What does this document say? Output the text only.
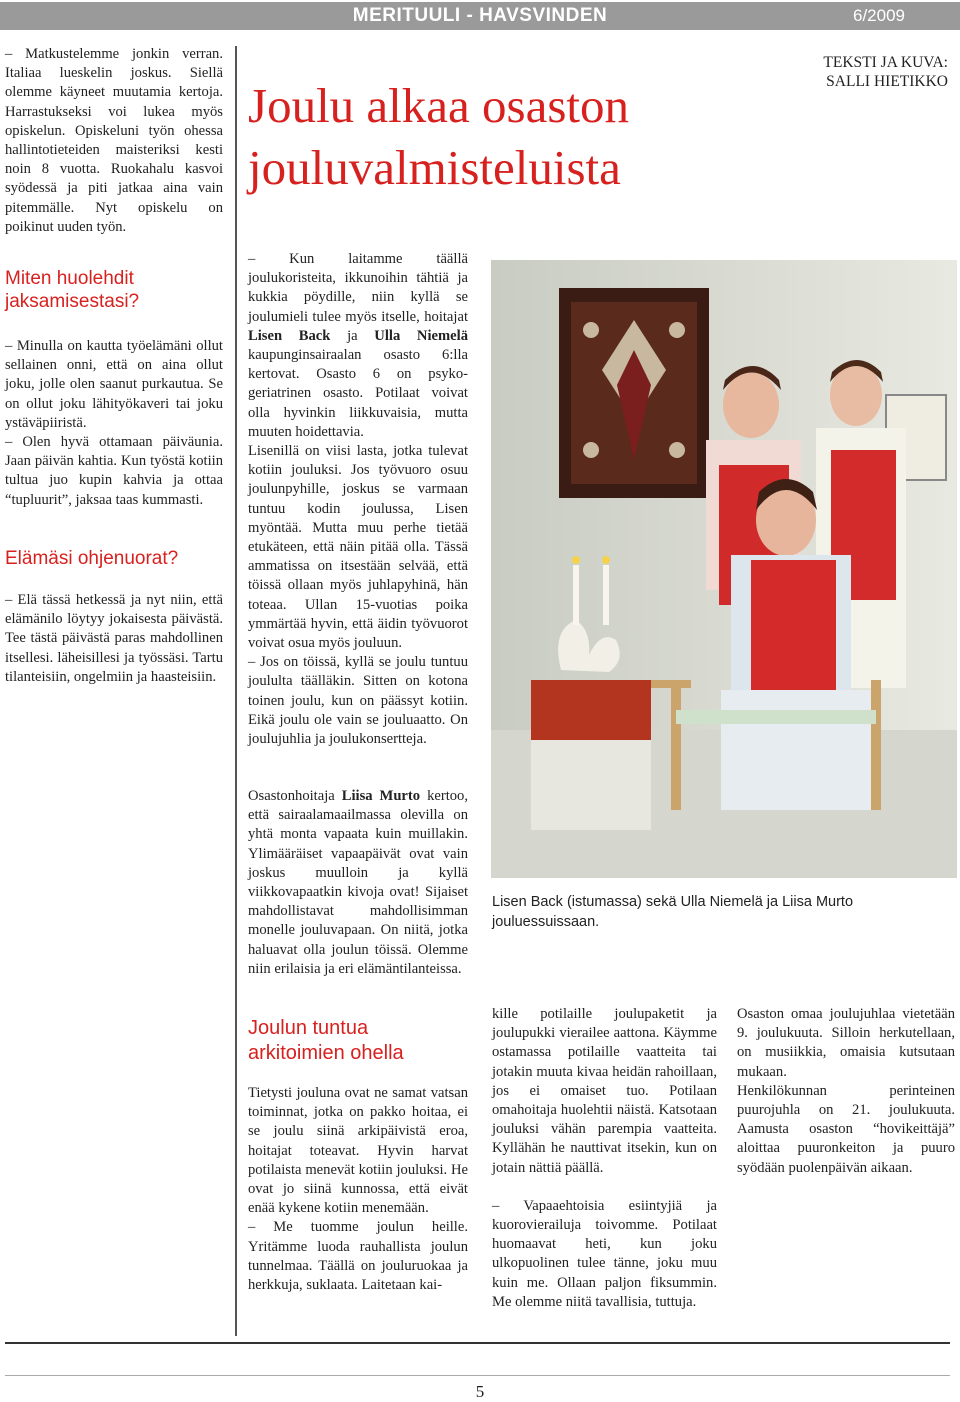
MERITUULI - HAVSVINDEN	6/2009

– Matkustelemme jonkin verran. Italiaa lueskelin joskus. Siellä olemme käyneet muutamia kertoja. Harrastukseksi voi lukea myös opiskelun. Opiskeluni työn ohessa hallintotieteiden maisteriksi kesti noin 8 vuotta. Ruokahalu kasvoi syödessä ja piti jatkaa aina vain pitemmälle. Nyt opiskelu on poikinut uuden työn.

Miten huolehdit jaksamisestasi?

– Minulla on kautta työelämäni ollut sellainen onni, että on aina ollut joku, jolle olen saanut purkautua. Se on ollut joku lähityökaveri tai joku ystäväpiiristä.

– Olen hyvä ottamaan päiväunia. Jaan päivän kahtia. Kun työstä kotiin tultua juo kupin kahvia ja ottaa “tupluurit”, jaksaa taas kummasti.

Elämäsi ohjenuorat?

– Elä tässä hetkessä ja nyt niin, että elämänilo löytyy jokaisesta päivästä. Tee tästä päivästä paras mahdollinen itsellesi. läheisillesi ja työssäsi. Tartu tilanteisiin, ongelmiin ja haasteisiin.

TEKSTI JA KUVA:
SALLI HIETIKKO
Joulu alkaa osaston
jouluvalmisteluista

– Kun laitamme täällä joulukoristeita, ikkunoihin tähtiä ja kukkia pöydille, niin kyllä se joulumieli tulee myös itselle, hoitajat Lisen Back ja Ulla Niemelä kaupunginsairaalan osasto 6:lla kertovat. Osasto 6 on psyko-geriatrinen osasto. Potilaat voivat olla hyvinkin liikkuvaisia, mutta muuten hoidettavia.

Lisenillä on viisi lasta, jotka tulevat kotiin jouluksi. Jos työvuoro osuu joulunpyhille, joskus se varmaan tuntuu kodin joulussa, Lisen myöntää. Mutta muu perhe tietää etukäteen, että näin pitää olla. Tässä ammatissa on itsestään selvää, että töissä ollaan myös juhlapyhinä, hän toteaa. Ullan 15-vuotias poika ymmärtää hyvin, että äidin työvuorot voivat osua myös jouluun.

– Jos on töissä, kyllä se joulu tuntuu joululta täälläkin. Sitten on kotona toinen joulu, kun on päässyt kotiin. Eikä joulu ole vain se jouluaatto. On joulujuhlia ja joulukonsertteja.

Osastonhoitaja Liisa Murto kertoo, että sairaalamaailmassa olevilla on yhtä monta vapaata kuin muillakin. Ylimääräiset vapaapäivät ovat vain joskus muulloin ja kyllä viikkovapaatkin kivoja ovat! Sijaiset mahdollistavat mahdollisimman monelle jouluvapaan. On niitä, jotka haluavat olla joulun töissä. Olemme niin erilaisia ja eri elämäntilanteissa.

Joulun tuntua arkitoimien ohella

Tietysti jouluna ovat ne samat vatsan toiminnat, jotka on pakko hoitaa, ei se joulu siinä arkipäivistä eroa, hoitajat toteavat. Hyvin harvat potilaista menevät kotiin jouluksi. He ovat jo siinä kunnossa, että eivät enää kykene kotiin menemään.

– Me tuomme joulun heille. Yritämme luoda rauhallista joulun tunnelmaa. Täällä on jouluruokaa ja herkkuja, suklaata. Laitetaan kai-

Lisen Back (istumassa) sekä Ulla Niemelä ja Liisa Murto jouluessuissaan.

kille potilaille joulupaketit ja joulupukki vierailee aattona. Käymme ostamassa potilaille vaatteita tai jotakin muuta kivaa heidän rahoillaan, jos ei omaiset tuo. Potilaan omahoitaja huolehtii näistä. Katsotaan jouluksi vähän parempia vaatteita. Kyllähän he nauttivat itsekin, kun on jotain nättiä päällä.

– Vapaaehtoisia esiintyjiä ja kuorovierailuja toivomme. Potilaat huomaavat heti, kun joku ulkopuolinen tulee tänne, joku muu kuin me. Ollaan paljon fiksummin. Me olemme niitä tavallisia, tuttuja.

Osaston omaa joulujuhlaa vietetään 9. joulukuuta. Silloin herkutellaan, on musiikkia, omaisia kutsutaan mukaan.

Henkilökunnan perinteinen puurojuhla on 21. joulukuuta. Aamusta osaston “hovikeittäjä” aloittaa puuronkeiton ja puuro syödään puolenpäivän aikaan.

5
